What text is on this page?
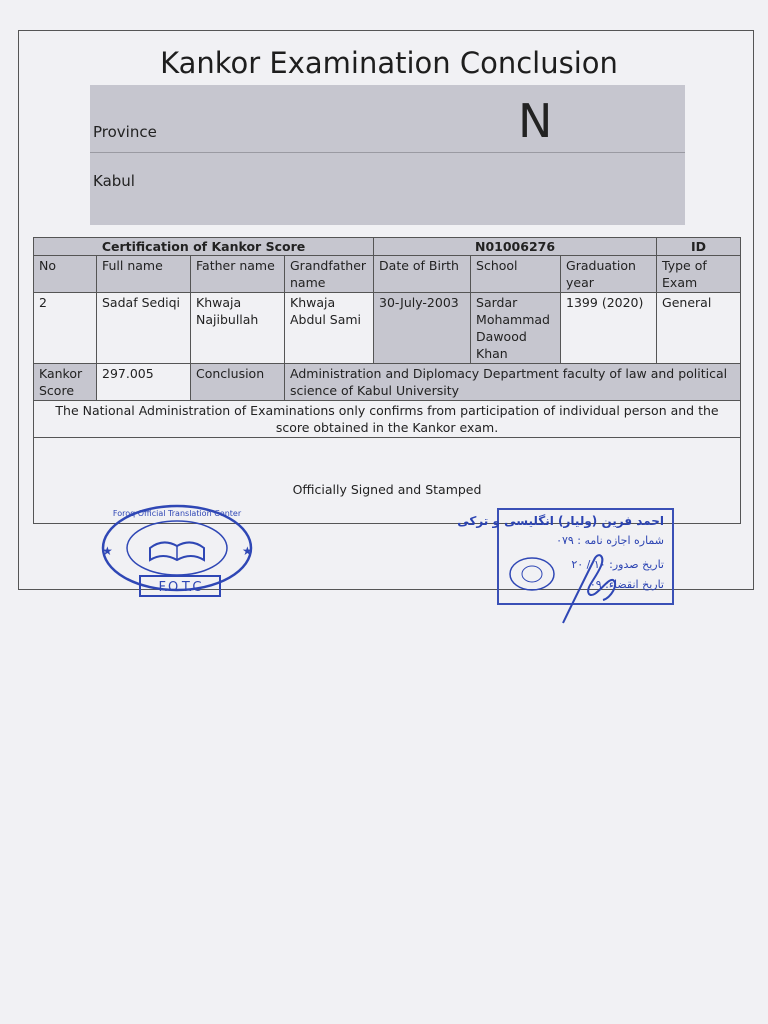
Kankor Examination Conclusion
Province
Kabul
N
Certification of Kankor Score				N01006276			ID
No	Full name	Father name	Grandfather name	Date of Birth	School	Graduation year	Type of Exam
2	Sadaf Sediqi	Khwaja Najibullah	Khwaja Abdul Sami	30-July-2003	Sardar Mohammad Dawood Khan	1399 (2020)	General
Kankor Score	297.005	Conclusion	Administration and Diplomacy Department faculty of law and political science of Kabul University				
The National Administration of Examinations only confirms from participation of individual person and the score obtained in the Kankor exam.							
Officially Signed and Stamped							
★	★
F.O.T.C
Foroq Official Translation Center
احمد فرین (ولیار) انگلیسی و ترکی
شماره اجازه نامه : ۰۷۹
تاریخ صدور: ۱۰ / ۲۰
تاریخ انقضاء: ۰۹
